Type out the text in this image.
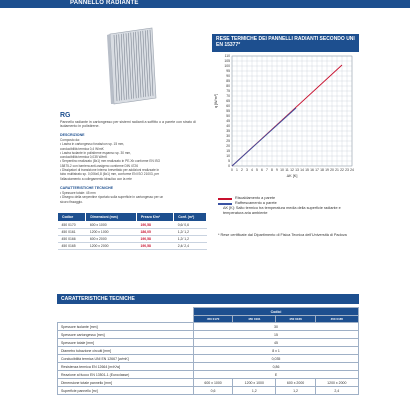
PANNELLO RADIANTE
RG
Pannello radiante in cartongesso per sistemi radianti a soffitto o a parete con strato di isolamento in polistirene.
DESCRIZIONE
Composto da:
• Lastra in cartongesso forata/con sp. 15 mm,
conducibilità termica 0,4 W/mK
• Lastra isolante in polistirene espanso sp. 30 mm,
conducibilità termica 0,035 W/mK
• Serpentino realizzato (8x1) mm realizzato in PE-Xb conforme EN ISO
15875-2 con barriera anti-ossigeno conforme DIN 4726
• Dissipatori di transizione interno brevettato per addizioni realizzate in
tubo multistrato sp. 0,006x0,8 (6x1) mm, conforme EN ISO 21003, per
l'allacciamento a collegamento idraulico con la rete
CARATTERISTICHE TECNICHE
• Spessore totale: 45 mm
• Disegno della serpentine riportato sulla superficie in cartongesso per un
sicuro fissaggio.
Codice	Dimensioni (mm)	Prezzo €/m²	Conf. (m²)
450 0170	600 x 1000	190,58	0,6/ 0,6
450 0161	1200 x 1000	186,05	1,2/ 1,2
450 0166	600 x 2000	190,58	1,2/ 1,2
450 0165	1200 x 2000	190,58	2,4/ 2,4
RESE TERMICHE DEI PANNELLI RADIANTI SECONDO UNI EN 15377*
0
5
10
15
20
25
30
35
40
45
50
55
60
65
70
75
80
85
90
95
100
105
110
0 1 2 3 4 5 6 7 8 9 10 11 12 13 14 15 16 17 18 19 20 21 22 23 24
q [W/m²]
ΔK [K]
Riscaldamento a parete
Raffrescamento a parete
ΔK [K]: Salto termico tra temperatura media della superficie radiante e temperatura aria ambiente
* Rese certificate dal Dipartimento di Fisica Tecnica dell'Università di Padova
CARATTERISTICHE TECNICHE
	Codici			
	450 0170	450 0161	450 0166	450 0165
Spessore isolante [mm]	30			
Spessore cartongesso [mm]	15			
Spessore totale [mm]	45			
Diametro tubazione circuiti [mm]	8 x 1			
Conducibilità termica UNI EN 12667 [w/mK]	0,035			
Resistenza termica EN 12664 [m²K/w]	0,86			
Reazione al fuoco EN 13501-1 (Euroclasse)	E			
Dimensione totale pannello [mm]	600 x 1000	1200 x 1000	600 x 2000	1200 x 2000
Superficie pannello [m²]	0,6	1,2	1,2	2,4
